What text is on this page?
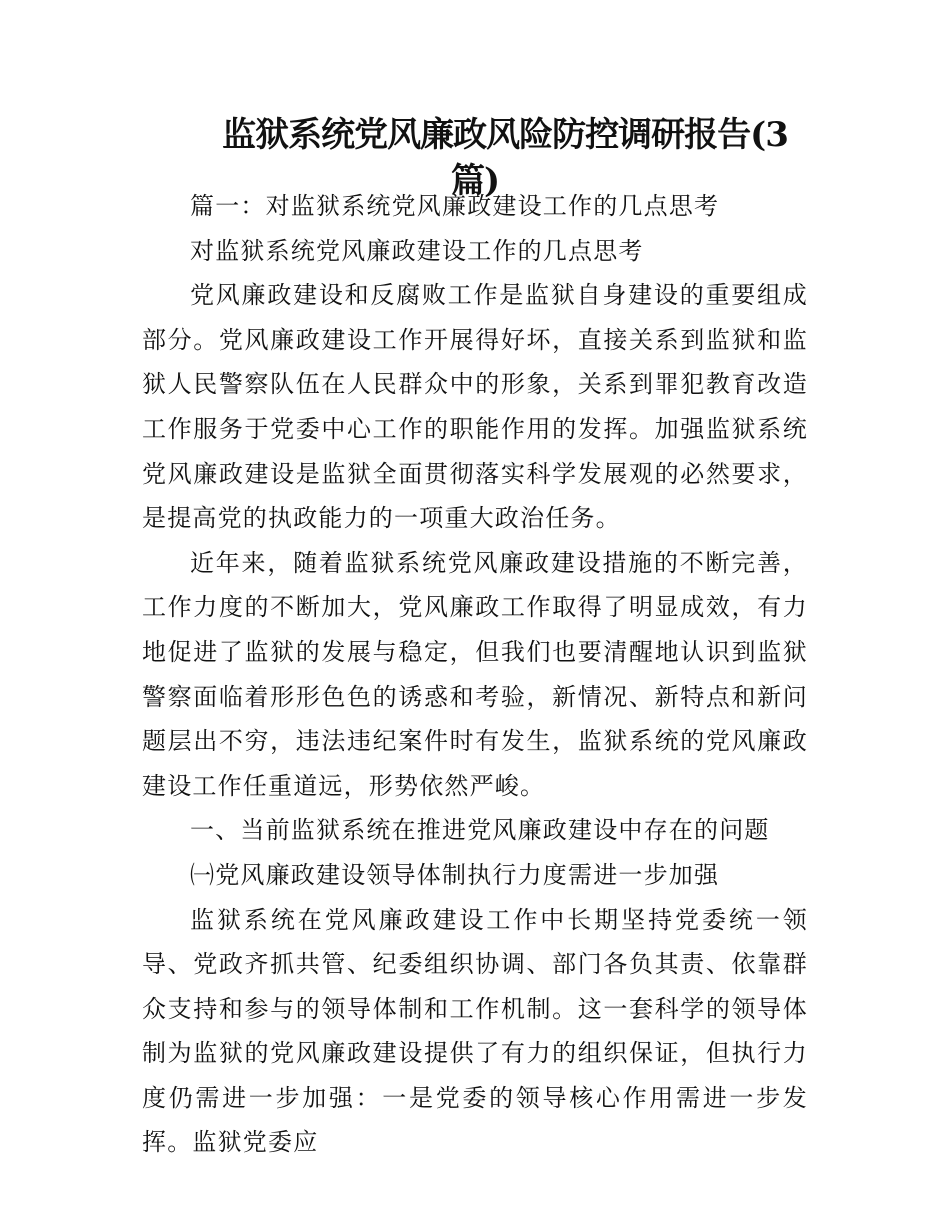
监狱系统党风廉政风险防控调研报告(3
篇)

篇一：对监狱系统党风廉政建设工作的几点思考

对监狱系统党风廉政建设工作的几点思考

党风廉政建设和反腐败工作是监狱自身建设的重要组成部分。党风廉政建设工作开展得好坏，直接关系到监狱和监狱人民警察队伍在人民群众中的形象，关系到罪犯教育改造工作服务于党委中心工作的职能作用的发挥。加强监狱系统党风廉政建设是监狱全面贯彻落实科学发展观的必然要求，是提高党的执政能力的一项重大政治任务。

近年来，随着监狱系统党风廉政建设措施的不断完善，工作力度的不断加大，党风廉政工作取得了明显成效，有力地促进了监狱的发展与稳定，但我们也要清醒地认识到监狱警察面临着形形色色的诱惑和考验，新情况、新特点和新问题层出不穷，违法违纪案件时有发生，监狱系统的党风廉政建设工作任重道远，形势依然严峻。

一、当前监狱系统在推进党风廉政建设中存在的问题

㈠党风廉政建设领导体制执行力度需进一步加强

监狱系统在党风廉政建设工作中长期坚持党委统一领导、党政齐抓共管、纪委组织协调、部门各负其责、依靠群众支持和参与的领导体制和工作机制。这一套科学的领导体制为监狱的党风廉政建设提供了有力的组织保证，但执行力度仍需进一步加强：一是党委的领导核心作用需进一步发挥。监狱党委应
